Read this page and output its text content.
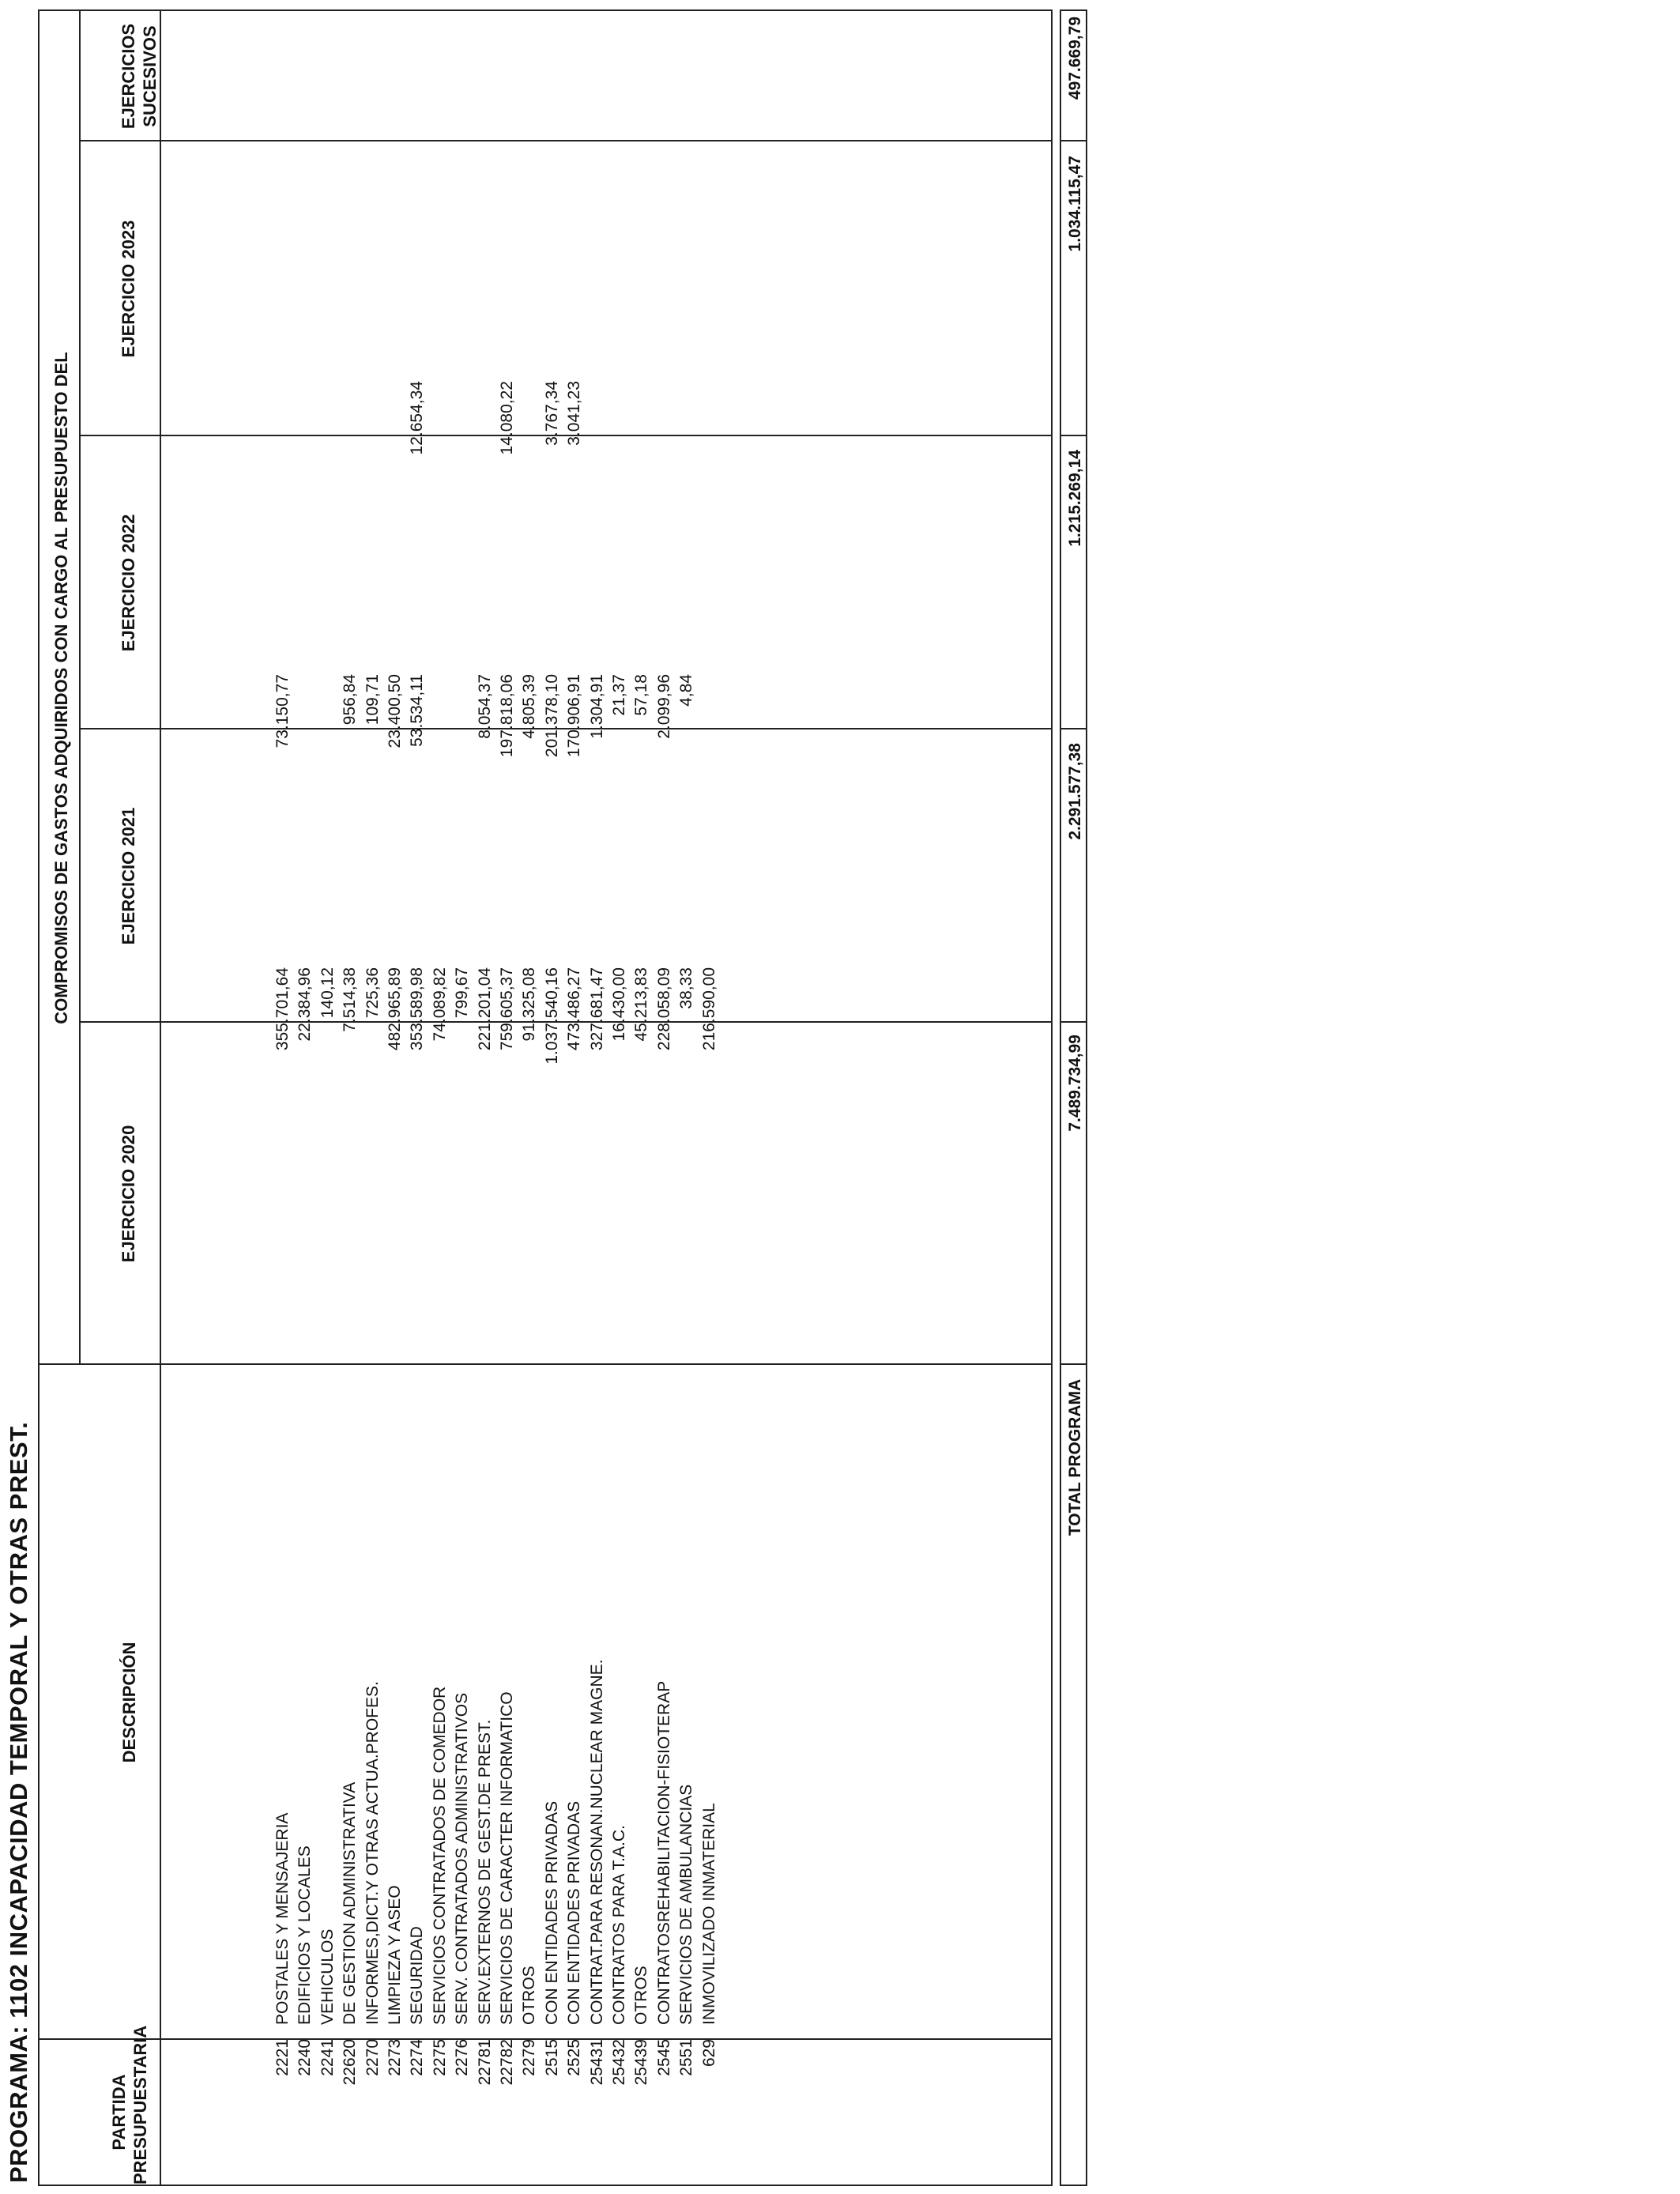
PROGRAMA: 1102 INCAPACIDAD TEMPORAL Y OTRAS PREST.	PARTIDA PRESUPUESTARIA
DESCRIPCIÓN
COMPROMISOS DE GASTOS ADQUIRIDOS CON CARGO AL PRESUPUESTO DEL
EJERCICIO 2020
EJERCICIO 2021
EJERCICIO 2022
EJERCICIO 2023
EJERCICIOS SUCESIVOS
2221
POSTALES Y MENSAJERIA
355.701,64
73.150,77
2240
EDIFICIOS Y LOCALES
22.384,96
2241
VEHICULOS
140,12
22620
DE GESTION ADMINISTRATIVA
7.514,38
956,84
2270
INFORMES,DICT.Y OTRAS ACTUA.PROFES.
725,36
109,71
2273
LIMPIEZA Y ASEO
482.965,89
23.400,50
2274
SEGURIDAD
353.589,98
53.534,11
12.654,34
2275
SERVICIOS CONTRATADOS DE COMEDOR
74.089,82
2276
SERV. CONTRATADOS ADMINISTRATIVOS
799,67
22781
SERV.EXTERNOS DE GEST.DE PREST.
221.201,04
8.054,37
22782
SERVICIOS DE CARACTER INFORMATICO
759.605,37
197.818,06
14.080,22
2279
OTROS
91.325,08
4.805,39
2515
CON ENTIDADES PRIVADAS
1.037.540,16
201.378,10
3.767,34
2525
CON ENTIDADES PRIVADAS
473.486,27
170.906,91
3.041,23
25431
CONTRAT.PARA RESONAN.NUCLEAR MAGNE.
327.681,47
1.304,91
25432
CONTRATOS PARA T.A.C.
16.430,00
21,37
25439
OTROS
45.213,83
57,18
2545
CONTRATOSREHABILITACION-FISIOTERAP
228.058,09
2.099,96
2551
SERVICIOS DE AMBULANCIAS
38,33
4,84
629
INMOVILIZADO INMATERIAL
216.590,00
TOTAL PROGRAMA
7.489.734,99
2.291.577,38
1.215.269,14
1.034.115,47
497.669,79
